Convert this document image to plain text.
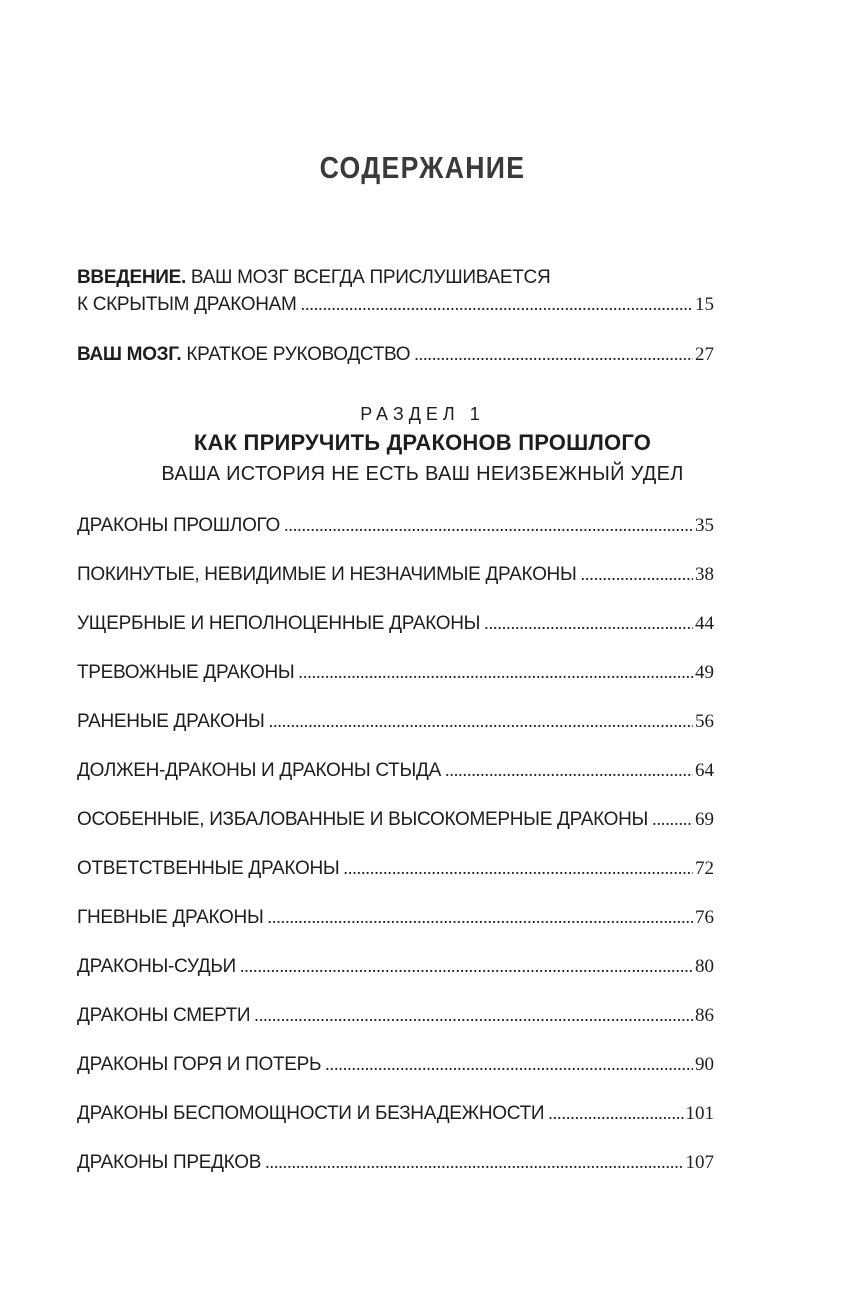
СОДЕРЖАНИЕ
ВВЕДЕНИЕ. ВАШ МОЗГ ВСЕГДА ПРИСЛУШИВАЕТСЯ
К СКРЫТЫМ ДРАКОНАМ . . .	15
ВАШ МОЗГ. КРАТКОЕ РУКОВОДСТВО . . .	27
РАЗДЕЛ 1
КАК ПРИРУЧИТЬ ДРАКОНОВ ПРОШЛОГО
ВАША ИСТОРИЯ НЕ ЕСТЬ ВАШ НЕИЗБЕЖНЫЙ УДЕЛ
ДРАКОНЫ ПРОШЛОГО . . .	35
ПОКИНУТЫЕ, НЕВИДИМЫЕ И НЕЗНАЧИМЫЕ ДРАКОНЫ . . .	38
УЩЕРБНЫЕ И НЕПОЛНОЦЕННЫЕ ДРАКОНЫ . . .	44
ТРЕВОЖНЫЕ ДРАКОНЫ . . .	49
РАНЕНЫЕ ДРАКОНЫ . . .	56
ДОЛЖЕН-ДРАКОНЫ И ДРАКОНЫ СТЫДА . . .	64
ОСОБЕННЫЕ, ИЗБАЛОВАННЫЕ И ВЫСОКОМЕРНЫЕ ДРАКОНЫ . . . 69
ОТВЕТСТВЕННЫЕ ДРАКОНЫ . . .	72
ГНЕВНЫЕ ДРАКОНЫ . . .	76
ДРАКОНЫ-СУДЬИ . . .	80
ДРАКОНЫ СМЕРТИ . . .	86
ДРАКОНЫ ГОРЯ И ПОТЕРЬ . . .	90
ДРАКОНЫ БЕСПОМОЩНОСТИ И БЕЗНАДЕЖНОСТИ . . .	101
ДРАКОНЫ ПРЕДКОВ . . .	107
